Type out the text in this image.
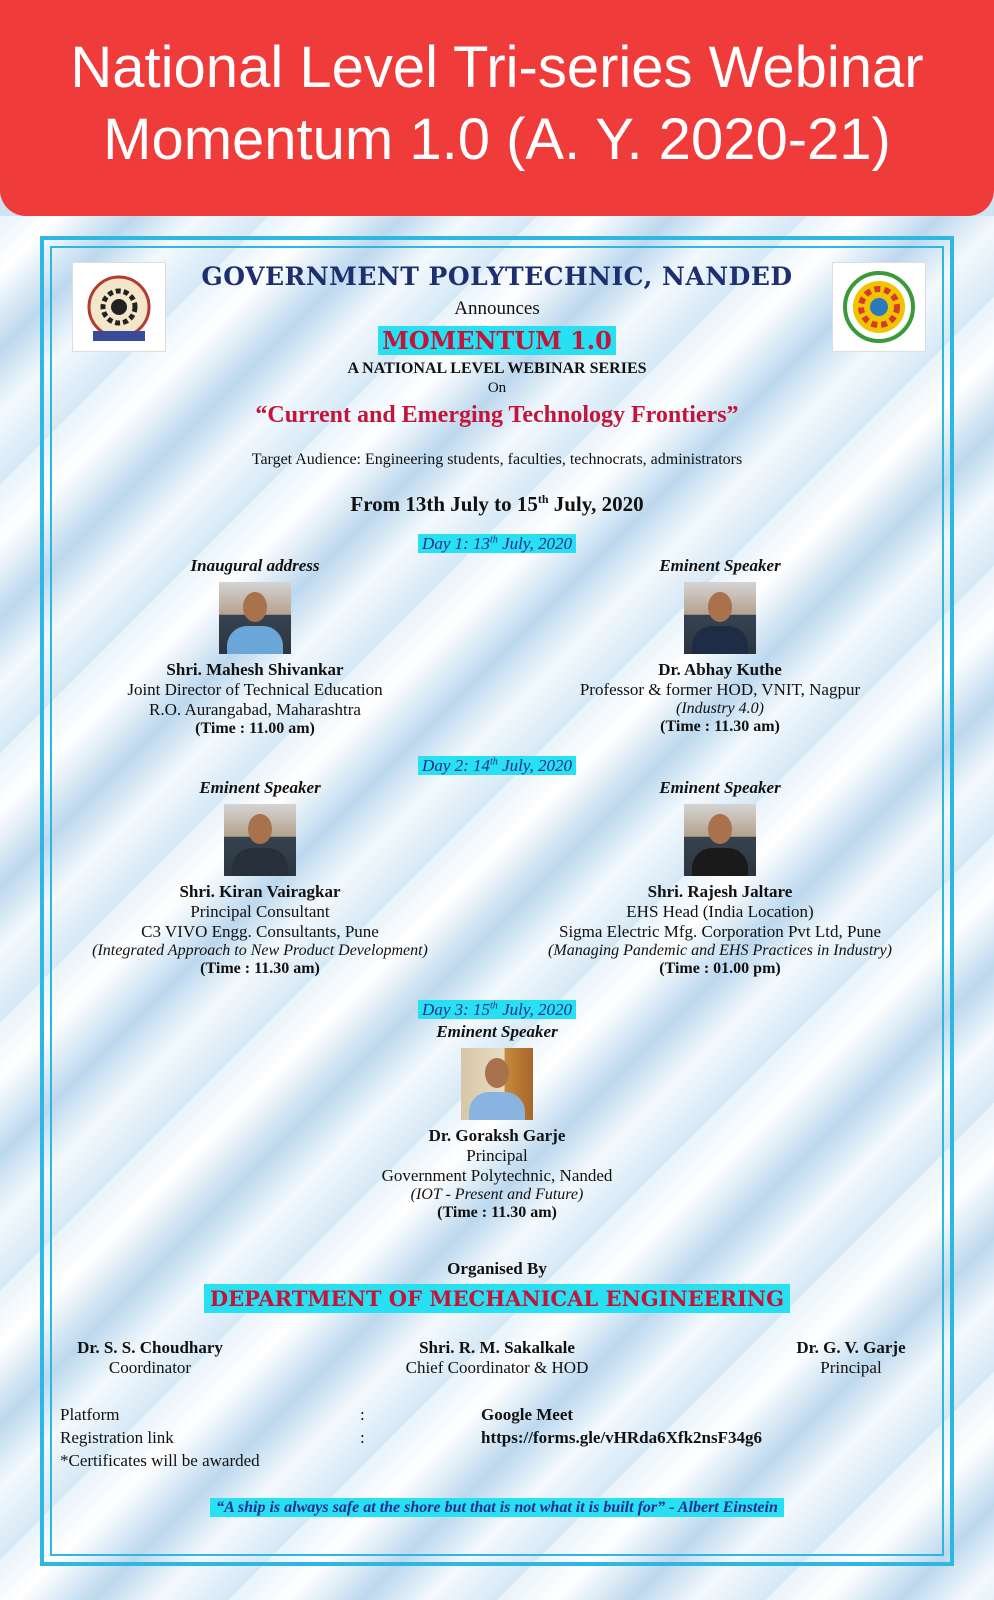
National Level Tri-series Webinar
Momentum 1.0 (A. Y. 2020-21)
GOVERNMENT POLYTECHNIC, NANDED
Announces
MOMENTUM 1.0
A NATIONAL LEVEL WEBINAR SERIES
On
“Current and Emerging Technology Frontiers”
Target Audience: Engineering students, faculties, technocrats, administrators
From 13th July to 15th July, 2020
Day 1: 13th July, 2020
Inaugural address
Shri. Mahesh Shivankar
Joint Director of Technical Education
R.O. Aurangabad, Maharashtra
(Time : 11.00 am)
Eminent Speaker
Dr. Abhay Kuthe
Professor & former HOD, VNIT, Nagpur
(Industry 4.0)
(Time : 11.30 am)
Day 2: 14th July, 2020
Eminent Speaker
Shri. Kiran Vairagkar
Principal Consultant
C3 VIVO Engg. Consultants, Pune
(Integrated Approach to New Product Development)
(Time : 11.30 am)
Eminent Speaker
Shri. Rajesh Jaltare
EHS Head (India Location)
Sigma Electric Mfg. Corporation Pvt Ltd, Pune
(Managing Pandemic and EHS Practices in Industry)
(Time : 01.00 pm)
Day 3: 15th July, 2020
Eminent Speaker
Dr. Goraksh Garje
Principal
Government Polytechnic, Nanded
(IOT - Present and Future)
(Time : 11.30 am)
Organised By
DEPARTMENT OF MECHANICAL ENGINEERING
Dr. S. S. Choudhary
Coordinator
Shri. R. M. Sakalkale
Chief Coordinator & HOD
Dr. G. V. Garje
Principal
Platform	:	Google Meet
Registration link	:	https://forms.gle/vHRda6Xfk2nsF34g6
*Certificates will be awarded
“A ship is always safe at the shore but that is not what it is built for” - Albert Einstein
